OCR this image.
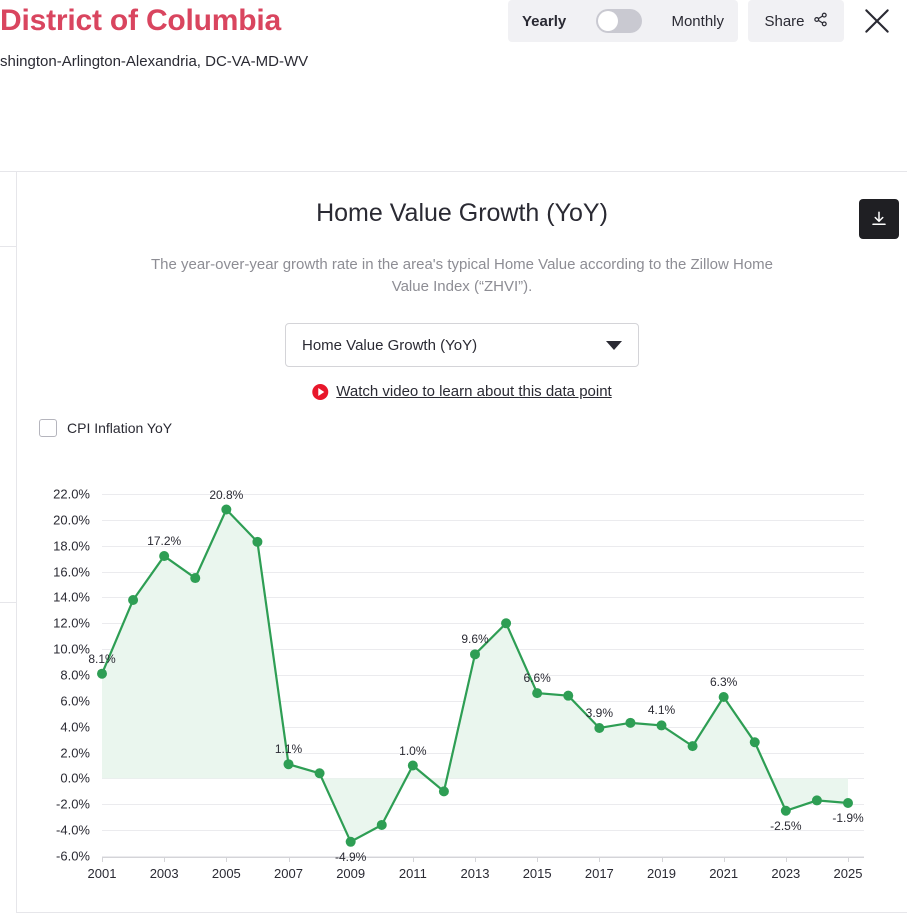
District of Columbia
shington-Arlington-Alexandria, DC-VA-MD-WV
Yearly	Monthly	Share
Home Value Growth (YoY)
The year-over-year growth rate in the area's typical Home Value according to the Zillow Home Value Index (“ZHVI”).
Home Value Growth (YoY)
Watch video to learn about this data point
CPI Inflation YoY
22.0%
20.0%
18.0%
16.0%
14.0%
12.0%
10.0%
8.0%
6.0%
4.0%
2.0%
0.0%
-2.0%
-4.0%
-6.0%
2001	2003	2005	2007	2009	2011	2013	2015	2017	2019	2021	2023	2025
8.1%
17.2%
20.8%
1.1%
-4.9%
1.0%
9.6%
6.6%
3.9%	4.1%
6.3%
-2.5%
-1.9%
